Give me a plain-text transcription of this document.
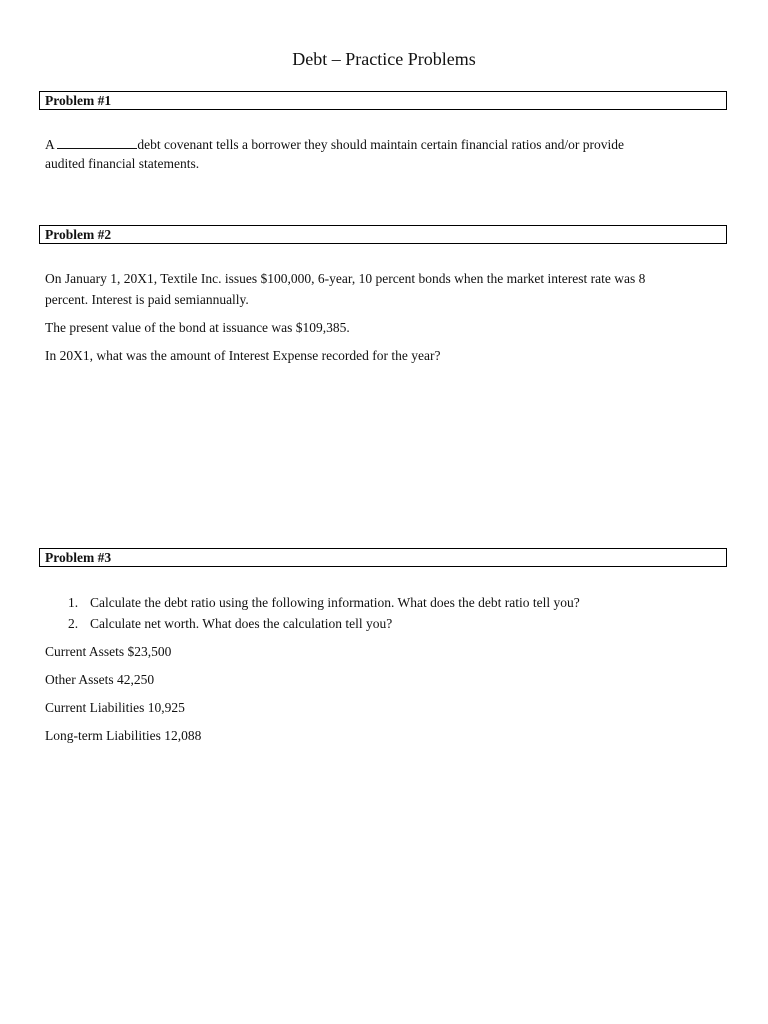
Debt – Practice Problems
Problem #1
A	debt covenant tells a borrower they should maintain certain financial ratios and/or provide
audited financial statements.
Problem #2
On January 1, 20X1, Textile Inc. issues $100,000, 6-year, 10 percent bonds when the market interest rate was 8
percent. Interest is paid semiannually.
The present value of the bond at issuance was $109,385.
In 20X1, what was the amount of Interest Expense recorded for the year?
Problem #3
1. Calculate the debt ratio using the following information. What does the debt ratio tell you?
2. Calculate net worth. What does the calculation tell you?
Current Assets $23,500
Other Assets 42,250
Current Liabilities 10,925
Long-term Liabilities 12,088
